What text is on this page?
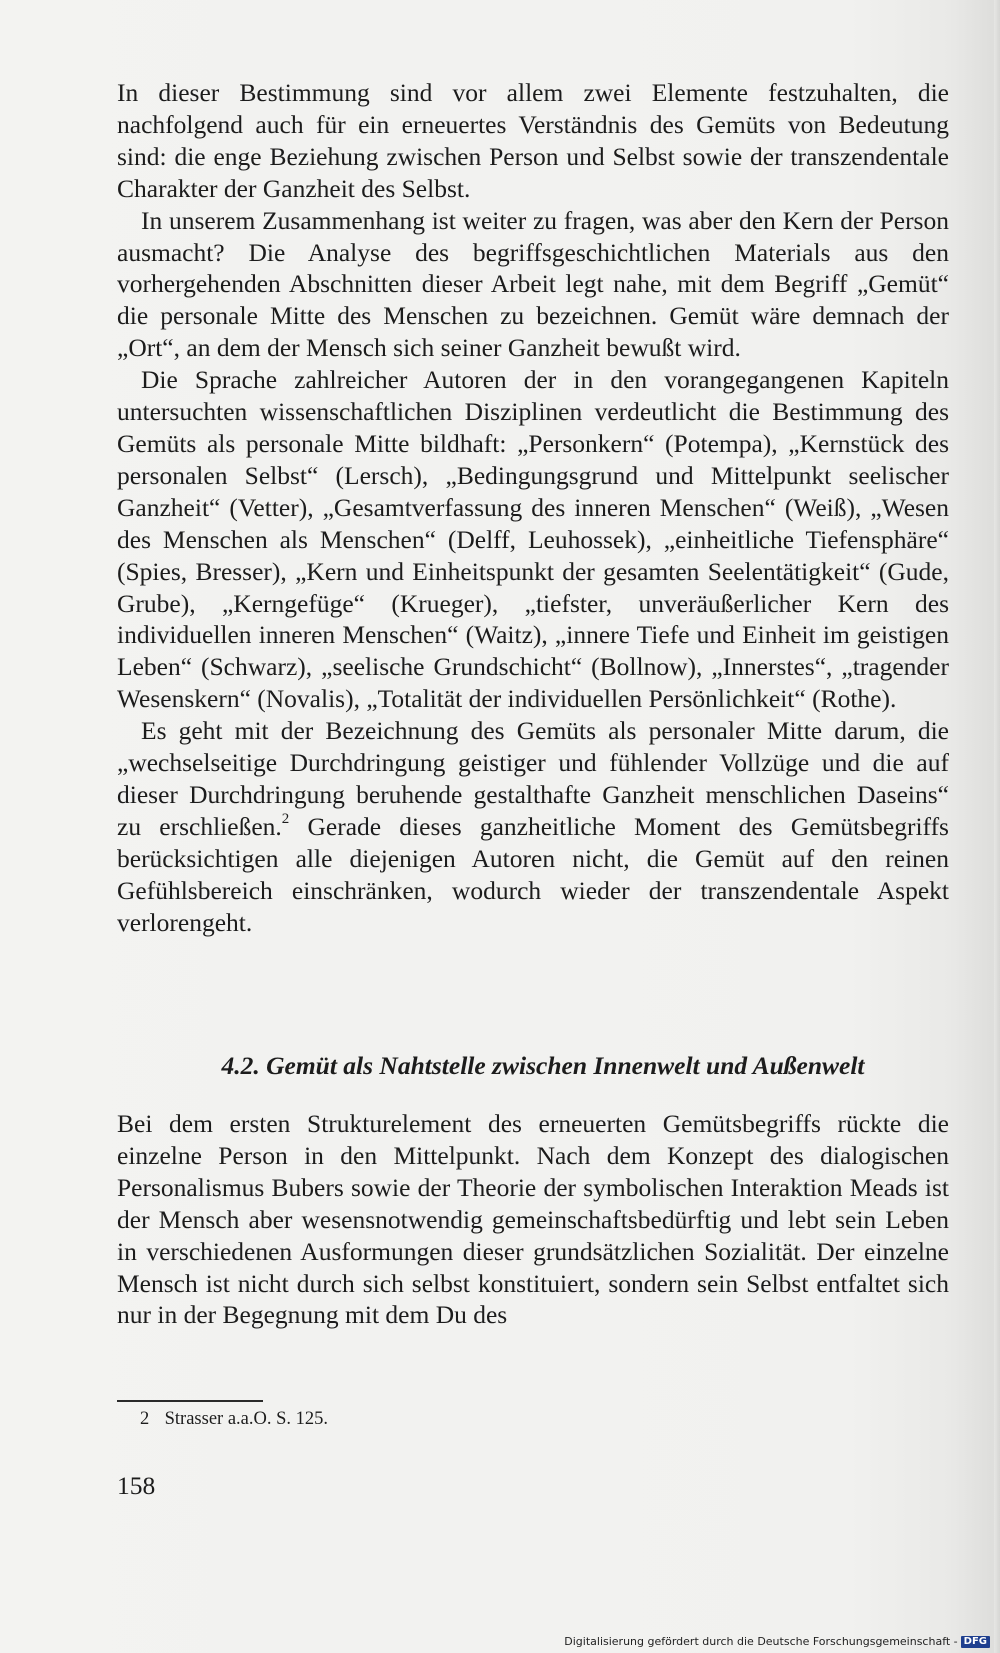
In dieser Bestimmung sind vor allem zwei Elemente festzuhalten, die nachfolgend auch für ein erneuertes Verständnis des Gemüts von Bedeutung sind: die enge Beziehung zwischen Person und Selbst sowie der transzendentale Charakter der Ganzheit des Selbst.

In unserem Zusammenhang ist weiter zu fragen, was aber den Kern der Person ausmacht? Die Analyse des begriffsgeschichtlichen Materials aus den vorhergehenden Abschnitten dieser Arbeit legt nahe, mit dem Begriff „Gemüt“ die personale Mitte des Menschen zu bezeichnen. Gemüt wäre demnach der „Ort“, an dem der Mensch sich seiner Ganzheit bewußt wird.

Die Sprache zahlreicher Autoren der in den vorangegangenen Kapiteln untersuchten wissenschaftlichen Disziplinen verdeutlicht die Bestimmung des Gemüts als personale Mitte bildhaft: „Personkern“ (Potempa), „Kernstück des personalen Selbst“ (Lersch), „Bedingungsgrund und Mittelpunkt seelischer Ganzheit“ (Vetter), „Gesamtverfassung des inneren Menschen“ (Weiß), „Wesen des Menschen als Menschen“ (Delff, Leuhossek), „einheitliche Tiefensphäre“ (Spies, Bresser), „Kern und Einheitspunkt der gesamten Seelentätigkeit“ (Gude, Grube), „Kerngefüge“ (Krueger), „tiefster, unveräußerlicher Kern des individuellen inneren Menschen“ (Waitz), „innere Tiefe und Einheit im geistigen Leben“ (Schwarz), „seelische Grundschicht“ (Bollnow), „Innerstes“, „tragender Wesenskern“ (Novalis), „Totalität der individuellen Persönlichkeit“ (Rothe).

Es geht mit der Bezeichnung des Gemüts als personaler Mitte darum, die „wechselseitige Durchdringung geistiger und fühlender Vollzüge und die auf dieser Durchdringung beruhende gestalthafte Ganzheit menschlichen Daseins“ zu erschließen.$^2$ Gerade dieses ganzheitliche Moment des Gemütsbegriffs berücksichtigen alle diejenigen Autoren nicht, die Gemüt auf den reinen Gefühlsbereich einschränken, wodurch wieder der transzendentale Aspekt verlorengeht.

4.2. Gemüt als Nahtstelle zwischen Innenwelt und Außenwelt

Bei dem ersten Strukturelement des erneuerten Gemütsbegriffs rückte die einzelne Person in den Mittelpunkt. Nach dem Konzept des dialogischen Personalismus Bubers sowie der Theorie der symbolischen Interaktion Meads ist der Mensch aber wesensnotwendig gemeinschaftsbedürftig und lebt sein Leben in verschiedenen Ausformungen dieser grundsätzlichen Sozialität. Der einzelne Mensch ist nicht durch sich selbst konstituiert, sondern sein Selbst entfaltet sich nur in der Begegnung mit dem Du des

2 Strasser a.a.O. S. 125.

158

Digitalisierung gefördert durch die Deutsche Forschungsgemeinschaft - DFG
